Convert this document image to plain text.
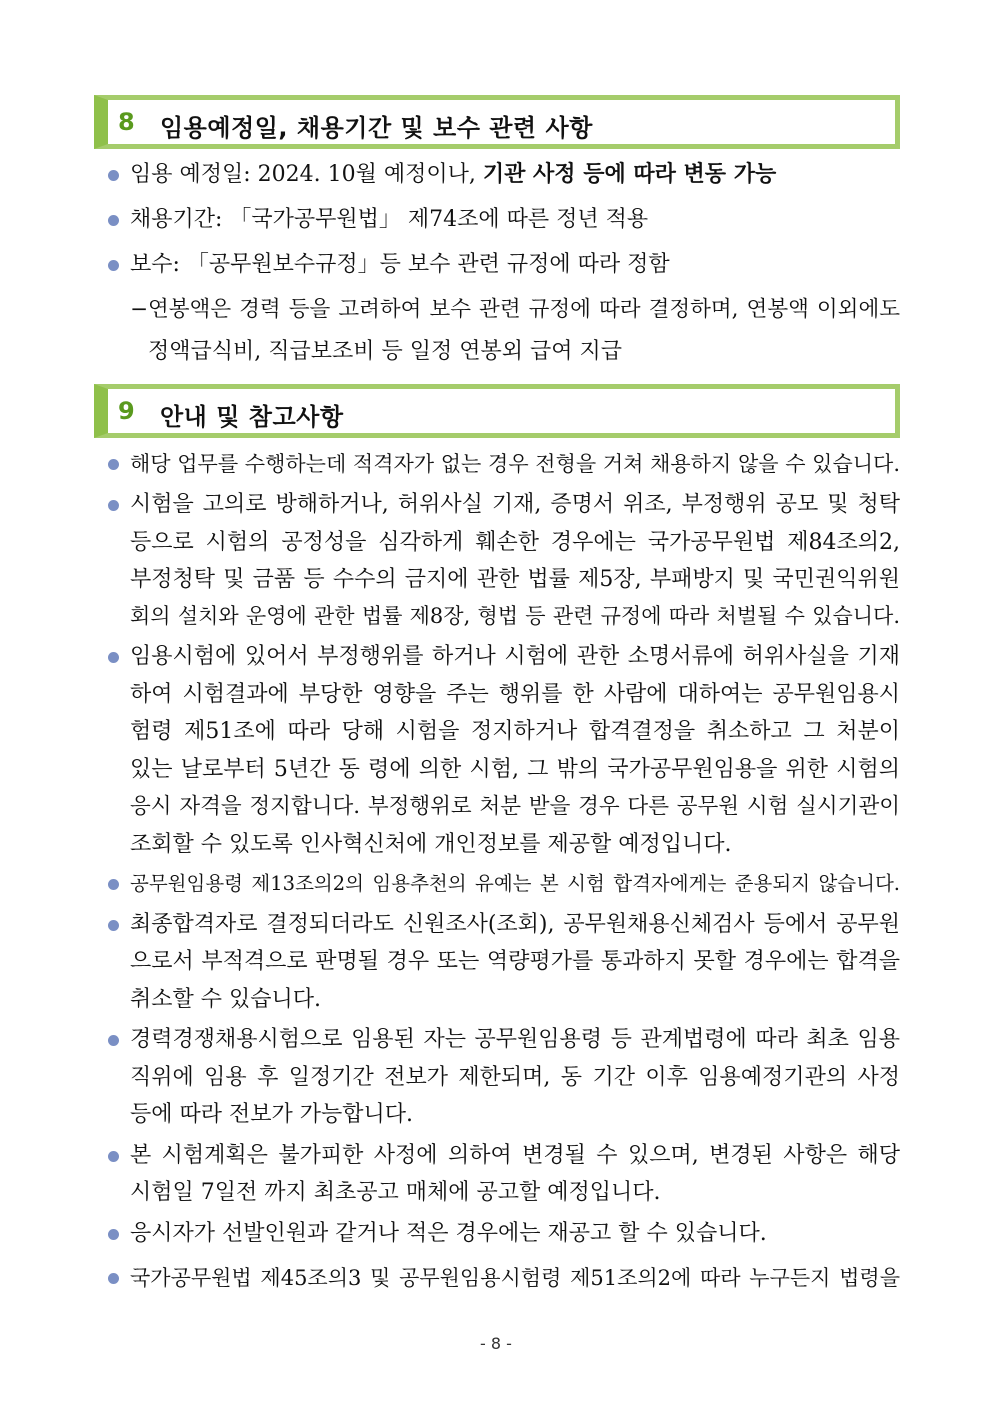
8 임용예정일, 채용기간 및 보수 관련 사항
임용 예정일: 2024. 10월 예정이나, 기관 사정 등에 따라 변동 가능
채용기간: 「국가공무원법」 제74조에 따른 정년 적용
보수: 「공무원보수규정」등 보수 관련 규정에 따라 정함
−연봉액은 경력 등을 고려하여 보수 관련 규정에 따라 결정하며, 연봉액 이외에도
정액급식비, 직급보조비 등 일정 연봉외 급여 지급
9 안내 및 참고사항
해당 업무를 수행하는데 적격자가 없는 경우 전형을 거쳐 채용하지 않을 수 있습니다.
시험을 고의로 방해하거나, 허위사실 기재, 증명서 위조, 부정행위 공모 및 청탁
등으로 시험의 공정성을 심각하게 훼손한 경우에는 국가공무원법 제84조의2,
부정청탁 및 금품 등 수수의 금지에 관한 법률 제5장, 부패방지 및 국민권익위원
회의 설치와 운영에 관한 법률 제8장, 형법 등 관련 규정에 따라 처벌될 수 있습니다.
임용시험에 있어서 부정행위를 하거나 시험에 관한 소명서류에 허위사실을 기재
하여 시험결과에 부당한 영향을 주는 행위를 한 사람에 대하여는 공무원임용시
험령 제51조에 따라 당해 시험을 정지하거나 합격결정을 취소하고 그 처분이
있는 날로부터 5년간 동 령에 의한 시험, 그 밖의 국가공무원임용을 위한 시험의
응시 자격을 정지합니다. 부정행위로 처분 받을 경우 다른 공무원 시험 실시기관이
조회할 수 있도록 인사혁신처에 개인정보를 제공할 예정입니다.
공무원임용령 제13조의2의 임용추천의 유예는 본 시험 합격자에게는 준용되지 않습니다.
최종합격자로 결정되더라도 신원조사(조회), 공무원채용신체검사 등에서 공무원
으로서 부적격으로 판명될 경우 또는 역량평가를 통과하지 못할 경우에는 합격을
취소할 수 있습니다.
경력경쟁채용시험으로 임용된 자는 공무원임용령 등 관계법령에 따라 최초 임용
직위에 임용 후 일정기간 전보가 제한되며, 동 기간 이후 임용예정기관의 사정
등에 따라 전보가 가능합니다.
본 시험계획은 불가피한 사정에 의하여 변경될 수 있으며, 변경된 사항은 해당
시험일 7일전 까지 최초공고 매체에 공고할 예정입니다.
응시자가 선발인원과 같거나 적은 경우에는 재공고 할 수 있습니다.
국가공무원법 제45조의3 및 공무원임용시험령 제51조의2에 따라 누구든지 법령을
- 8 -
